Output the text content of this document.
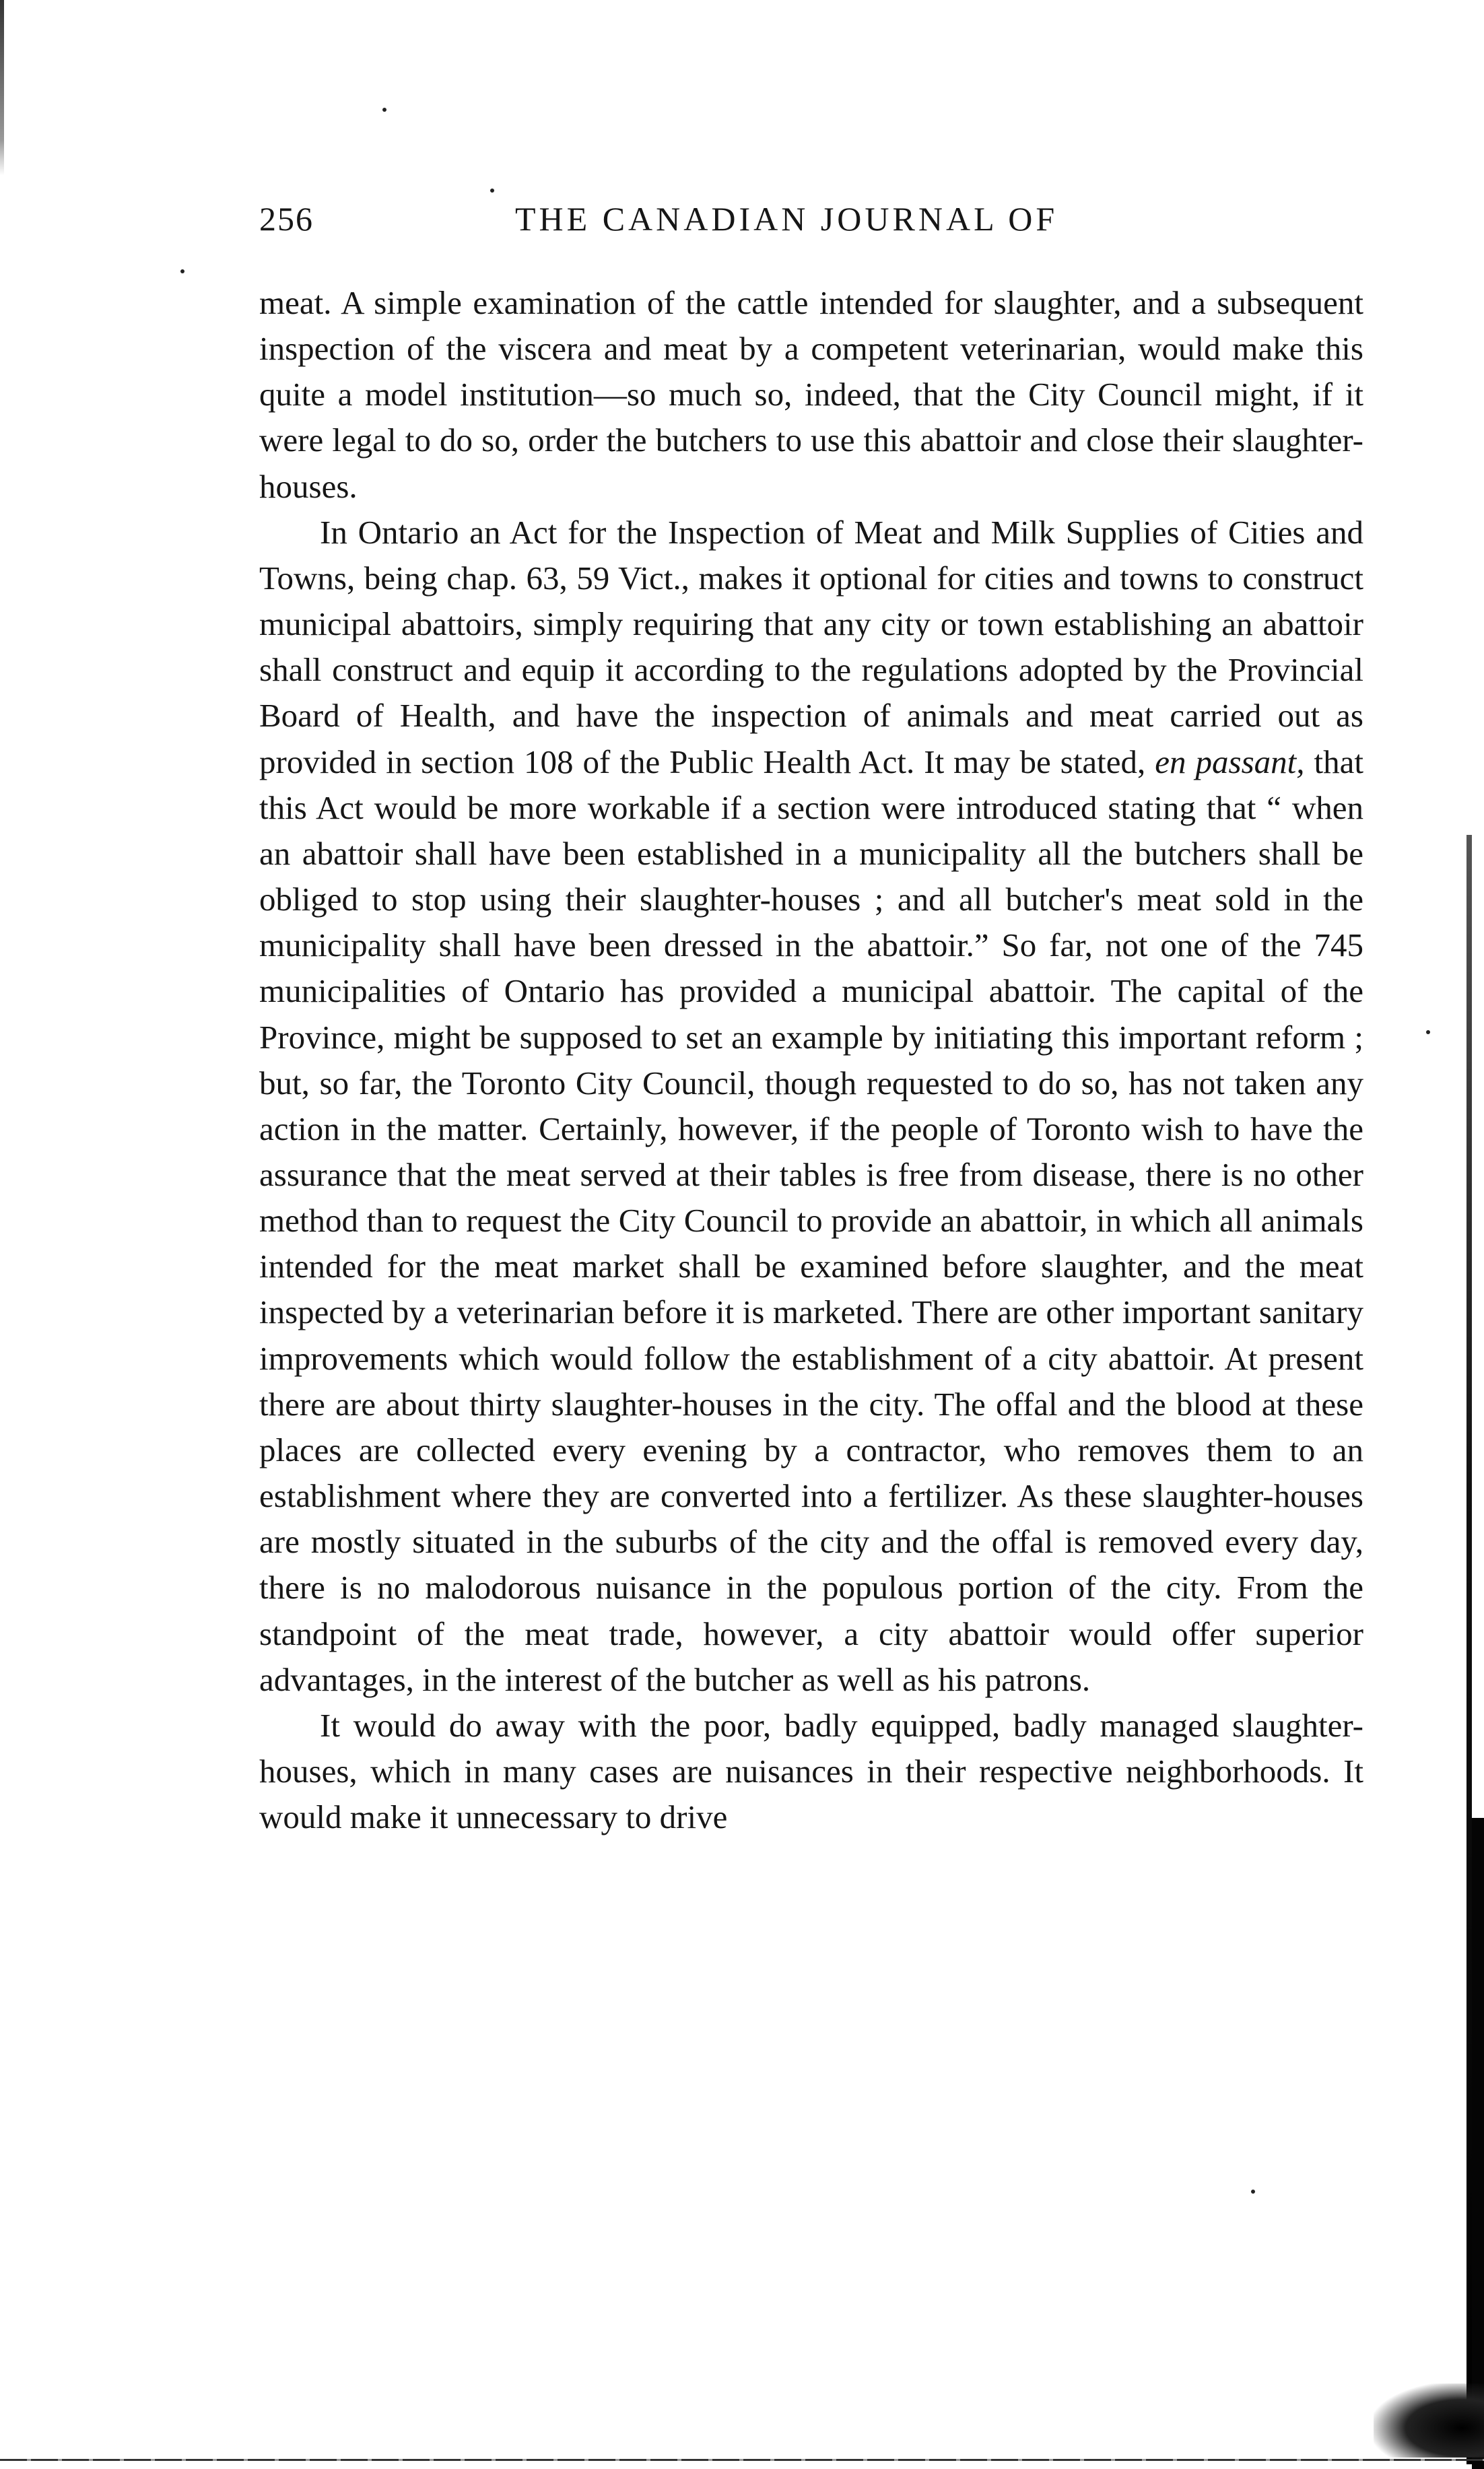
256	THE CANADIAN JOURNAL OF

meat. A simple examination of the cattle intended for slaughter, and a subsequent inspection of the viscera and meat by a competent veterinarian, would make this quite a model institution—so much so, indeed, that the City Council might, if it were legal to do so, order the butchers to use this abattoir and close their slaughter-houses.

In Ontario an Act for the Inspection of Meat and Milk Supplies of Cities and Towns, being chap. 63, 59 Vict., makes it optional for cities and towns to construct municipal abattoirs, simply requiring that any city or town establishing an abattoir shall construct and equip it according to the regulations adopted by the Provincial Board of Health, and have the inspection of animals and meat carried out as provided in section 108 of the Public Health Act. It may be stated, en passant, that this Act would be more workable if a section were introduced stating that “ when an abattoir shall have been established in a municipality all the butchers shall be obliged to stop using their slaughter-houses ; and all butcher's meat sold in the municipality shall have been dressed in the abattoir.” So far, not one of the 745 municipalities of Ontario has provided a municipal abattoir. The capital of the Province, might be supposed to set an example by initiating this important reform ; but, so far, the Toronto City Council, though requested to do so, has not taken any action in the matter. Certainly, however, if the people of Toronto wish to have the assurance that the meat served at their tables is free from disease, there is no other method than to request the City Council to provide an abattoir, in which all animals intended for the meat market shall be examined before slaughter, and the meat inspected by a veterinarian before it is marketed. There are other important sanitary improvements which would follow the establishment of a city abattoir. At present there are about thirty slaughter-houses in the city. The offal and the blood at these places are collected every evening by a contractor, who removes them to an establishment where they are converted into a fertilizer. As these slaughter-houses are mostly situated in the suburbs of the city and the offal is removed every day, there is no malodorous nuisance in the populous portion of the city. From the standpoint of the meat trade, however, a city abattoir would offer superior advantages, in the interest of the butcher as well as his patrons.

It would do away with the poor, badly equipped, badly managed slaughter-houses, which in many cases are nuisances in their respective neighborhoods. It would make it unnecessary to drive
